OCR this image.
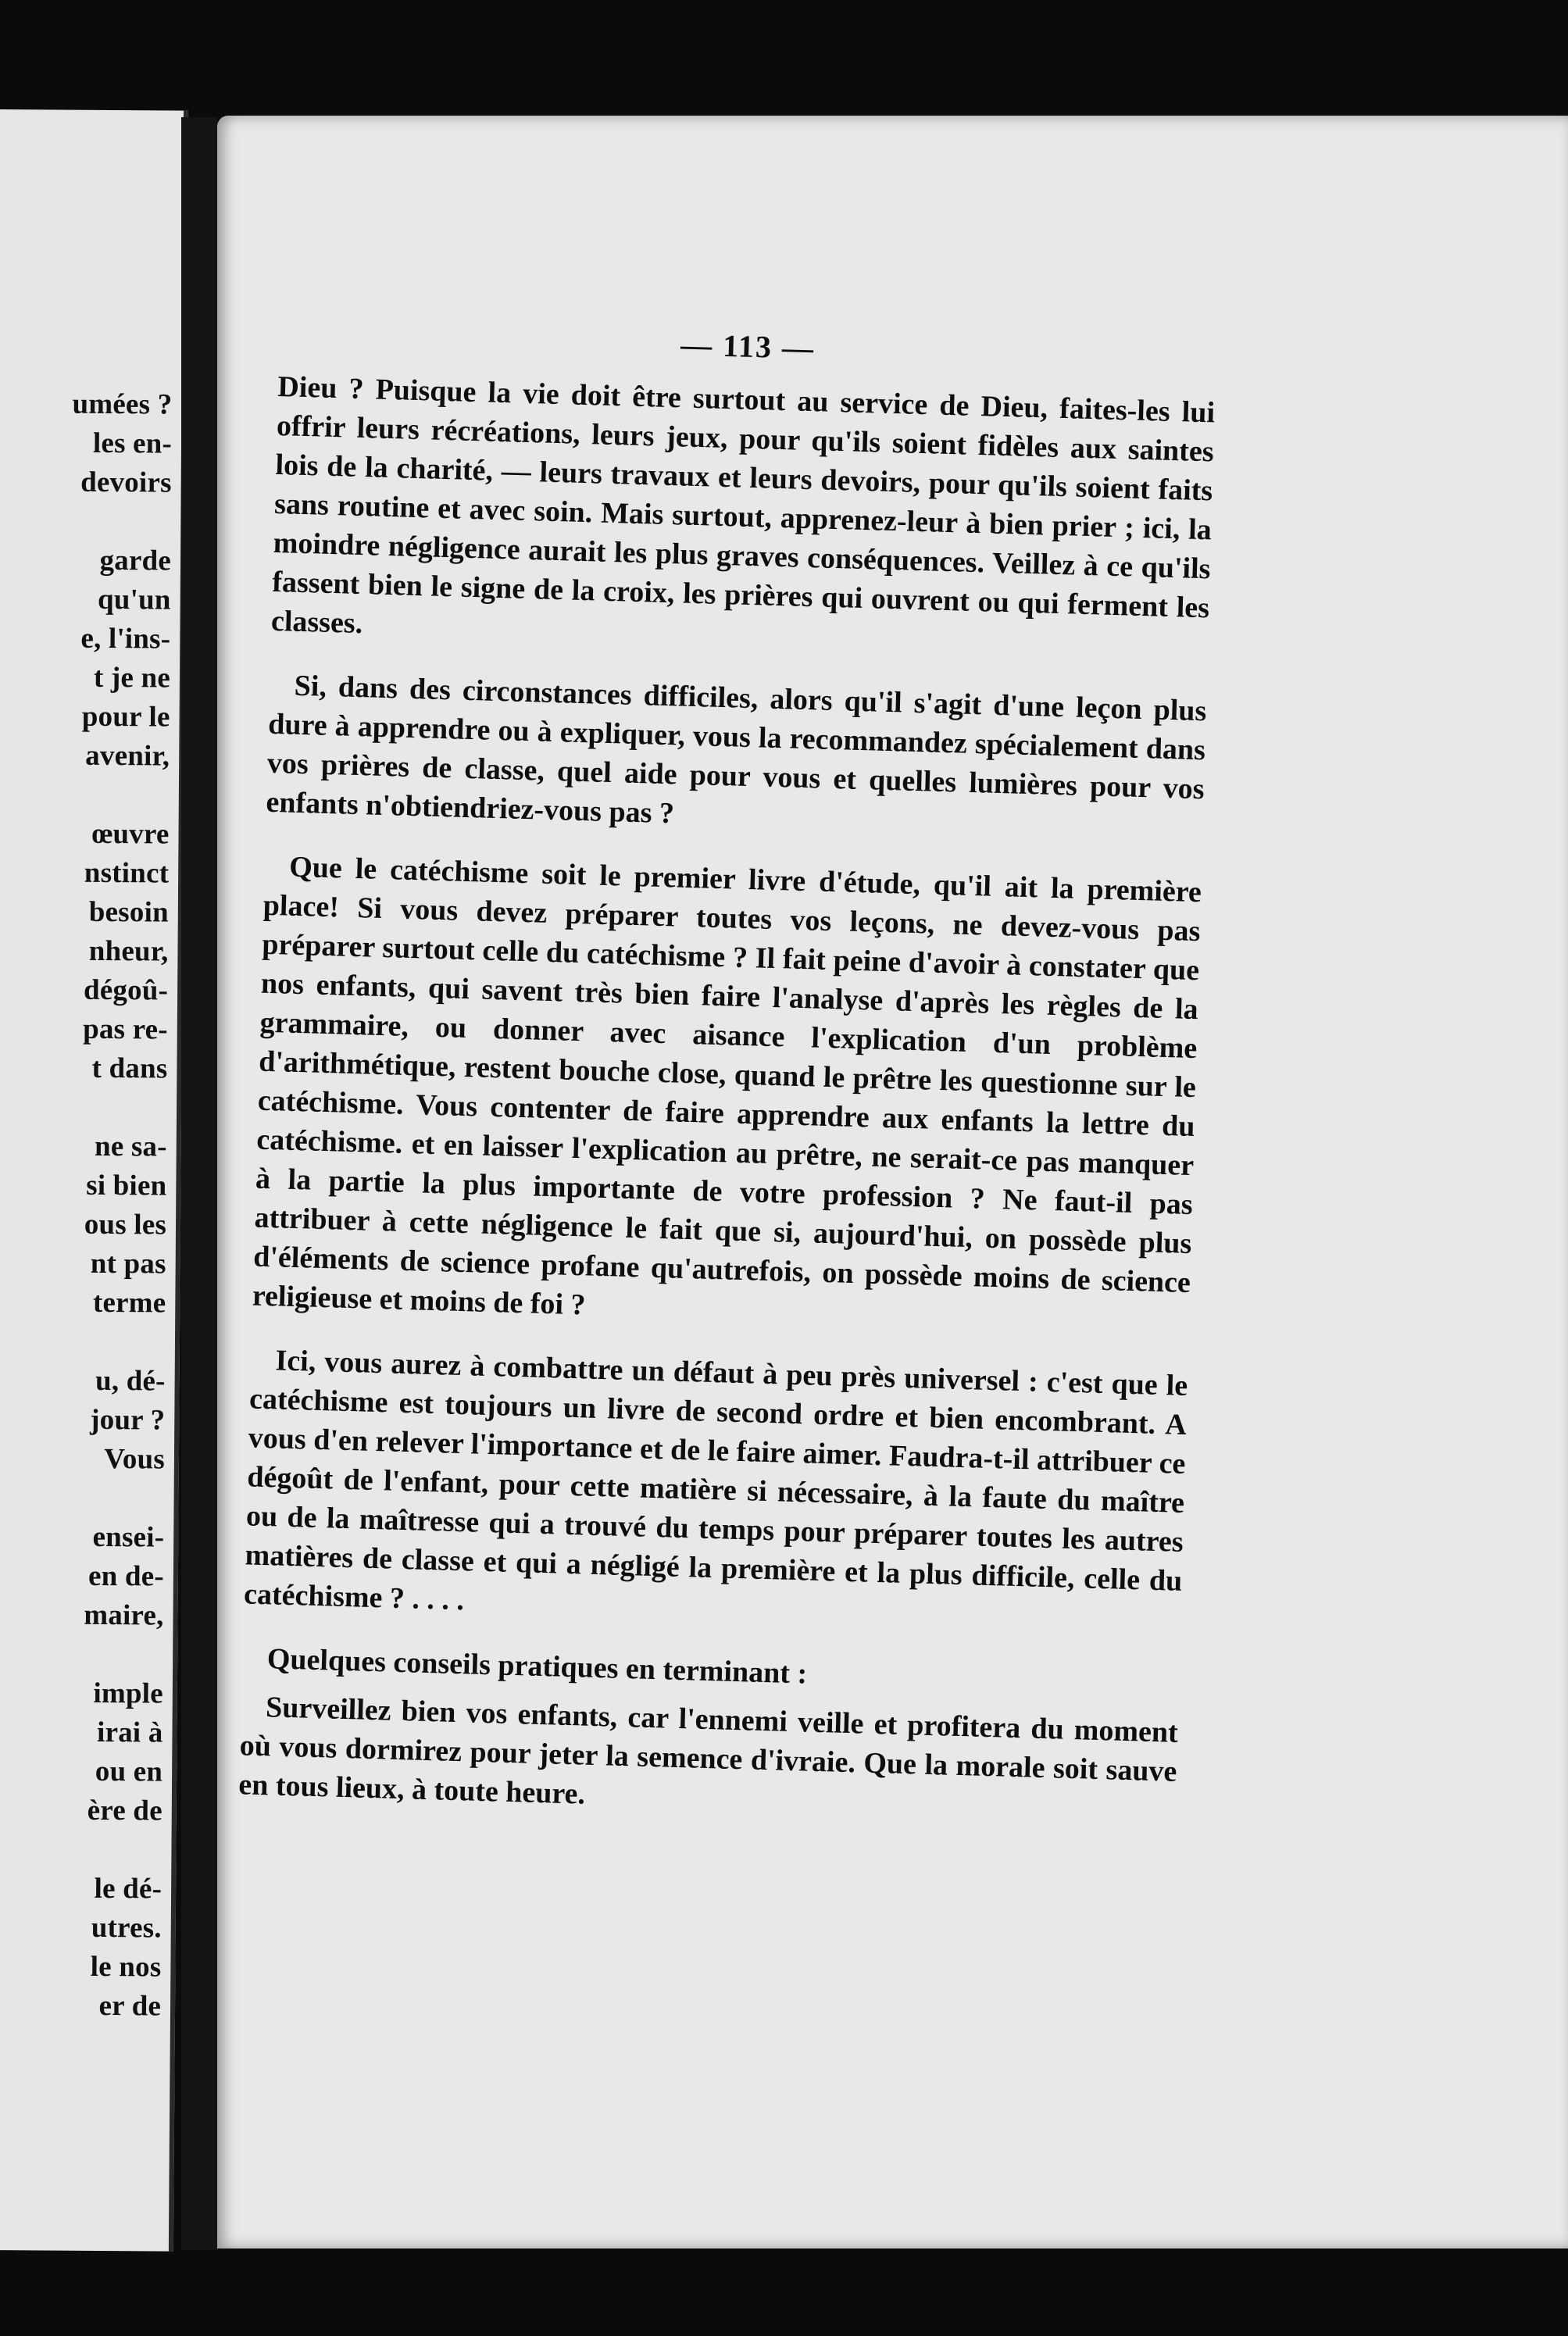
umées ?
les en-
devoirs

garde
qu'un
e, l'ins-
t je ne
pour le
avenir,

œuvre
nstinct
besoin
nheur,
dégoû-
pas re-
t dans

ne sa-
si bien
ous les
nt pas
terme

u, dé-
jour ?
Vous

ensei-
en de-
maire,

imple
irai à
ou en
ère de

le dé-
utres.
le nos
er de
— 113 —

Dieu ? Puisque la vie doit être surtout au service de Dieu, faites-les lui offrir leurs récréations, leurs jeux, pour qu'ils soient fidèles aux saintes lois de la charité, — leurs travaux et leurs devoirs, pour qu'ils soient faits sans routine et avec soin. Mais surtout, apprenez-leur à bien prier ; ici, la moindre négligence aurait les plus graves conséquences. Veillez à ce qu'ils fassent bien le signe de la croix, les prières qui ouvrent ou qui ferment les classes.

Si, dans des circonstances difficiles, alors qu'il s'agit d'une leçon plus dure à apprendre ou à expliquer, vous la recommandez spécialement dans vos prières de classe, quel aide pour vous et quelles lumières pour vos enfants n'obtiendriez-vous pas ?

Que le catéchisme soit le premier livre d'étude, qu'il ait la première place! Si vous devez préparer toutes vos leçons, ne devez-vous pas préparer surtout celle du catéchisme ? Il fait peine d'avoir à constater que nos enfants, qui savent très bien faire l'analyse d'après les règles de la grammaire, ou donner avec aisance l'explication d'un problème d'arithmétique, restent bouche close, quand le prêtre les questionne sur le catéchisme. Vous contenter de faire apprendre aux enfants la lettre du catéchisme. et en laisser l'explication au prêtre, ne serait-ce pas manquer à la partie la plus importante de votre profession ? Ne faut-il pas attribuer à cette négligence le fait que si, aujourd'hui, on possède plus d'éléments de science profane qu'autrefois, on possède moins de science religieuse et moins de foi ?

Ici, vous aurez à combattre un défaut à peu près universel : c'est que le catéchisme est toujours un livre de second ordre et bien encombrant. A vous d'en relever l'importance et de le faire aimer. Faudra-t-il attribuer ce dégoût de l'enfant, pour cette matière si nécessaire, à la faute du maître ou de la maîtresse qui a trouvé du temps pour préparer toutes les autres matières de classe et qui a négligé la première et la plus difficile, celle du catéchisme ? . . . .

Quelques conseils pratiques en terminant :

Surveillez bien vos enfants, car l'ennemi veille et profitera du moment où vous dormirez pour jeter la semence d'ivraie. Que la morale soit sauve en tous lieux, à toute heure.
